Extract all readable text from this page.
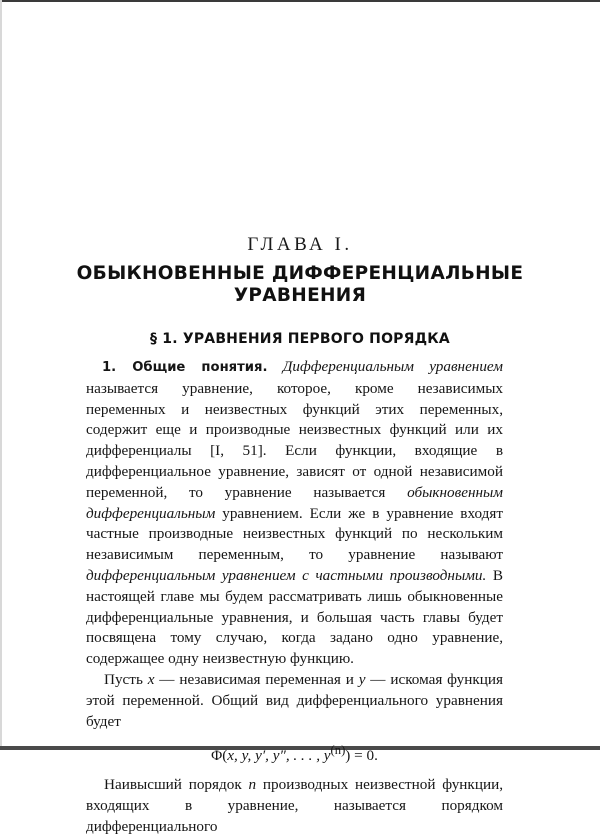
ГЛАВА I.
ОБЫКНОВЕННЫЕ ДИФФЕРЕНЦИАЛЬНЫЕ
УРАВНЕНИЯ
§ 1. УРАВНЕНИЯ ПЕРВОГО ПОРЯДКА

1. Общие понятия. Дифференциальным уравнением называется уравнение, которое, кроме независимых переменных и неизвестных функций этих переменных, содержит еще и производные неизвестных функций или их дифференциалы [I, 51]. Если функции, входящие в дифференциальное уравнение, зависят от одной независимой переменной, то уравнение называется обыкновенным дифференциальным уравнением. Если же в уравнение входят частные производные неизвестных функций по нескольким независимым переменным, то уравнение называют дифференциальным уравнением с частными производными. В настоящей главе мы будем рассматривать лишь обыкновенные дифференциальные уравнения, и большая часть главы будет посвящена тому случаю, когда задано одно уравнение, содержащее одну неизвестную функцию.

Пусть x — независимая переменная и y — искомая функция этой переменной. Общий вид дифференциального уравнения будет

Φ(x, y, y′, y″, . . . , $y^{(n)}) = 0$.

Наивысший порядок n производных неизвестной функции, входящих в уравнение, называется порядком дифференциального
